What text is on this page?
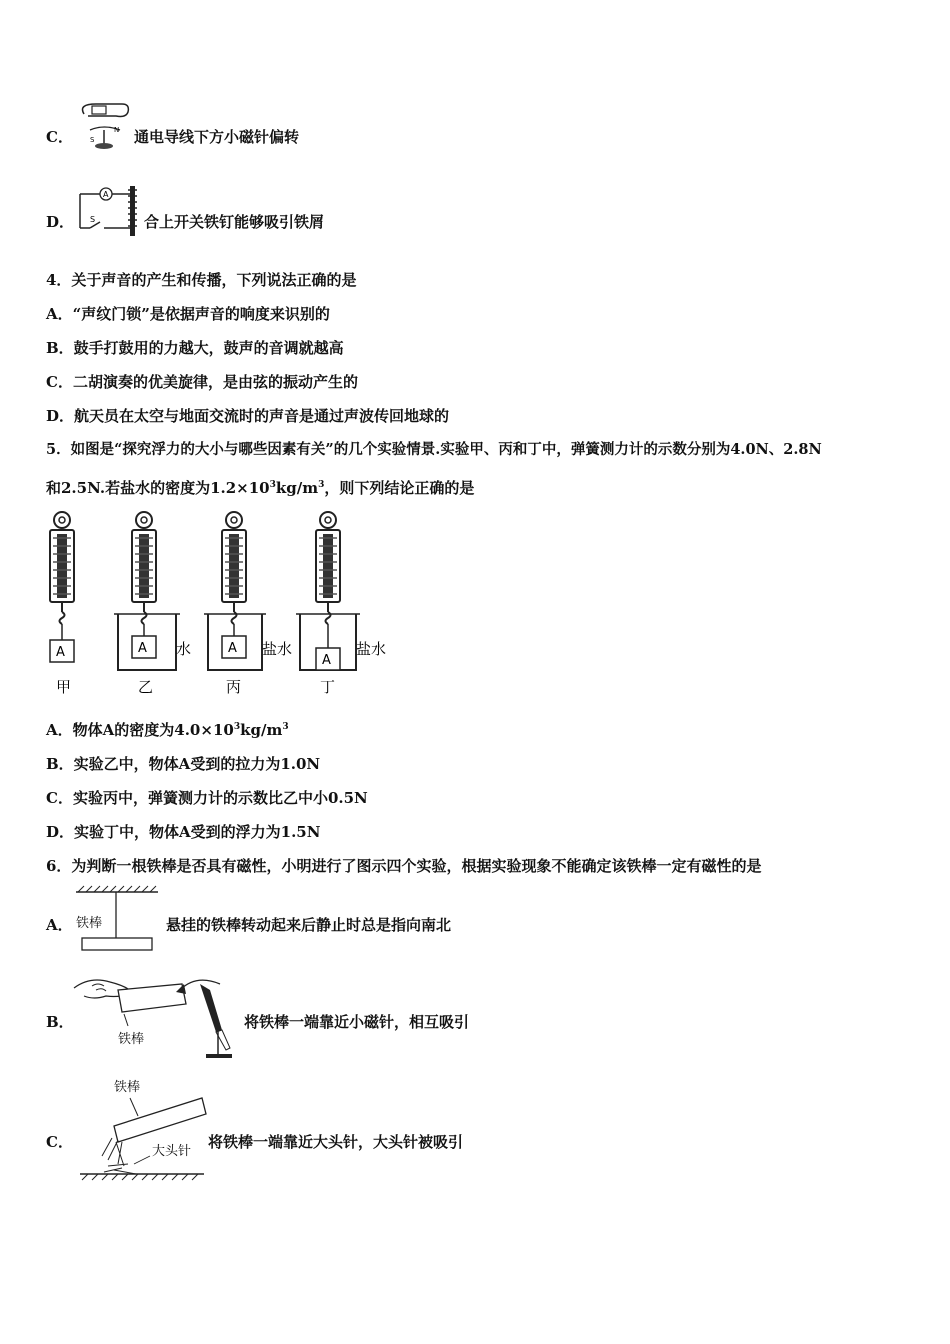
C． S
N 通电导线下方小磁针偏转
D．
A
S	合上开关铁钉能够吸引铁屑
4．关于声音的产生和传播，下列说法正确的是
A．“声纹门锁”是依据声音的响度来识别的
B．鼓手打鼓用的力越大，鼓声的音调就越高
C．二胡演奏的优美旋律，是由弦的振动产生的
D．航天员在太空与地面交流时的声音是通过声波传回地球的
5．如图是“探究浮力的大小与哪些因素有关”的几个实验情景.实验甲、丙和丁中，弹簧测力计的示数分别为4.0N、2.8N
和2.5N.若盐水的密度为$1.2\times 10^3kg/m^3$，则下列结论正确的是
A
甲
A 水
乙
A 盐水
丙
A
盐水
丁
A．物体A的密度为$4.0\times 10^3kg/m^3$
B．实验乙中，物体A受到的拉力为1.0N
C．实验丙中，弹簧测力计的示数比乙中小0.5N
D．实验丁中，物体A受到的浮力为1.5N
6．为判断一根铁棒是否具有磁性，小明进行了图示四个实验，根据实验现象不能确定该铁棒一定有磁性的是
A． 铁棒	悬挂的铁棒转动起来后静止时总是指向南北
B．
铁棒
将铁棒一端靠近小磁针，相互吸引
C．
铁棒
大头针
将铁棒一端靠近大头针，大头针被吸引
